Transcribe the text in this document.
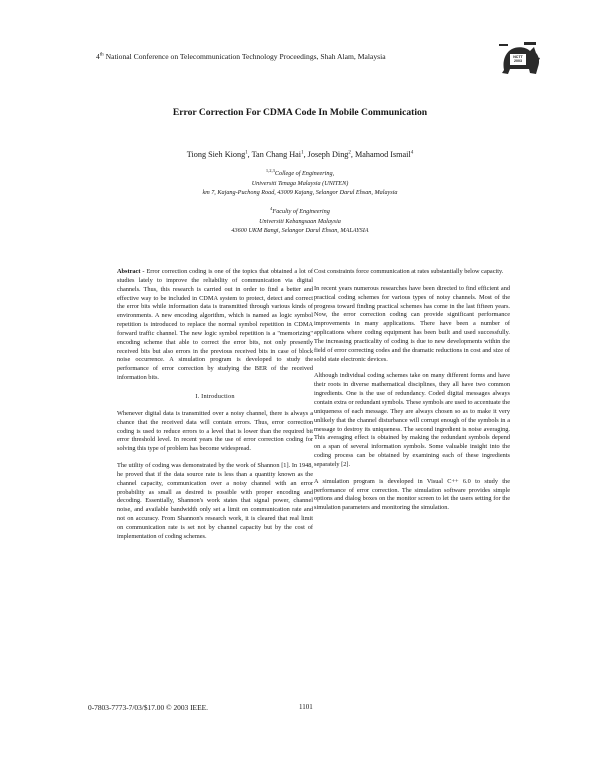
4th National Conference on Telecommunication Technology Proceedings, Shah Alam, Malaysia	NCTT 2003
Error Correction For CDMA Code In Mobile Communication
Tiong Sieh Kiong$^1$, Tan Chang Hai$^1$, Joseph Ding$^2$, Mahamod Ismail$^4$
$^{1,2,3}$College of Engineering,
Universiti Tenaga Malaysia (UNITEN)
km 7, Kajang-Puchong Road, 43009 Kajang, Selangor Darul Ehsan, Malaysia
$^4$Faculty of Engineering
Universiti Kebangsaan Malaysia
43600 UKM Bangi, Selangor Darul Ehsan, MALAYSIA

Abstract - Error correction coding is one of the topics that obtained a lot of studies lately to improve the reliability of communication via digital channels. Thus, this research is carried out in order to find a better and effective way to be included in CDMA system to protect, detect and correct the error bits while information data is transmitted through various kinds of environments. A new encoding algorithm, which is named as logic symbol repetition is introduced to replace the normal symbol repetition in CDMA forward traffic channel. The new logic symbol repetition is a "memorizing" encoding scheme that able to correct the error bits, not only presently received bits but also errors in the previous received bits in case of block noise occurrence. A simulation program is developed to study the performance of error correction by studying the BER of the received information bits.

I. Introduction

Whenever digital data is transmitted over a noisy channel, there is always a chance that the received data will contain errors. Thus, error correction coding is used to reduce errors to a level that is lower than the required bit error threshold level. In recent years the use of error correction coding for solving this type of problem has become widespread.

The utility of coding was demonstrated by the work of Shannon [1]. In 1948, he proved that if the data source rate is less than a quantity known as the channel capacity, communication over a noisy channel with an error probability as small as desired is possible with proper encoding and decoding. Essentially, Shannon's work states that signal power, channel noise, and available bandwidth only set a limit on communication rate and not on accuracy. From Shannon's research work, it is cleared that real limit on communication rate is set not by channel capacity but by the cost of implementation of coding schemes.

Cost constraints force communication at rates substantially below capacity.

In recent years numerous researches have been directed to find efficient and practical coding schemes for various types of noisy channels. Most of the progress toward finding practical schemes has come in the last fifteen years. Now, the error correction coding can provide significant performance improvements in many applications. There have been a number of applications where coding equipment has been built and used successfully. The increasing practicality of coding is due to new developments within the field of error correcting codes and the dramatic reductions in cost and size of solid state electronic devices.

Although individual coding schemes take on many different forms and have their roots in diverse mathematical disciplines, they all have two common ingredients. One is the use of redundancy. Coded digital messages always contain extra or redundant symbols. These symbols are used to accentuate the uniqueness of each message. They are always chosen so as to make it very unlikely that the channel disturbance will corrupt enough of the symbols in a message to destroy its uniqueness. The second ingredient is noise averaging. This averaging effect is obtained by making the redundant symbols depend on a span of several information symbols. Some valuable insight into the coding process can be obtained by examining each of these ingredients separately [2].

A simulation program is developed in Visual C++ 6.0 to study the performance of error correction. The simulation software provides simple options and dialog boxes on the monitor screen to let the users setting for the simulation parameters and monitoring the simulation.

0-7803-7773-7/03/$17.00 © 2003 IEEE.	1101
